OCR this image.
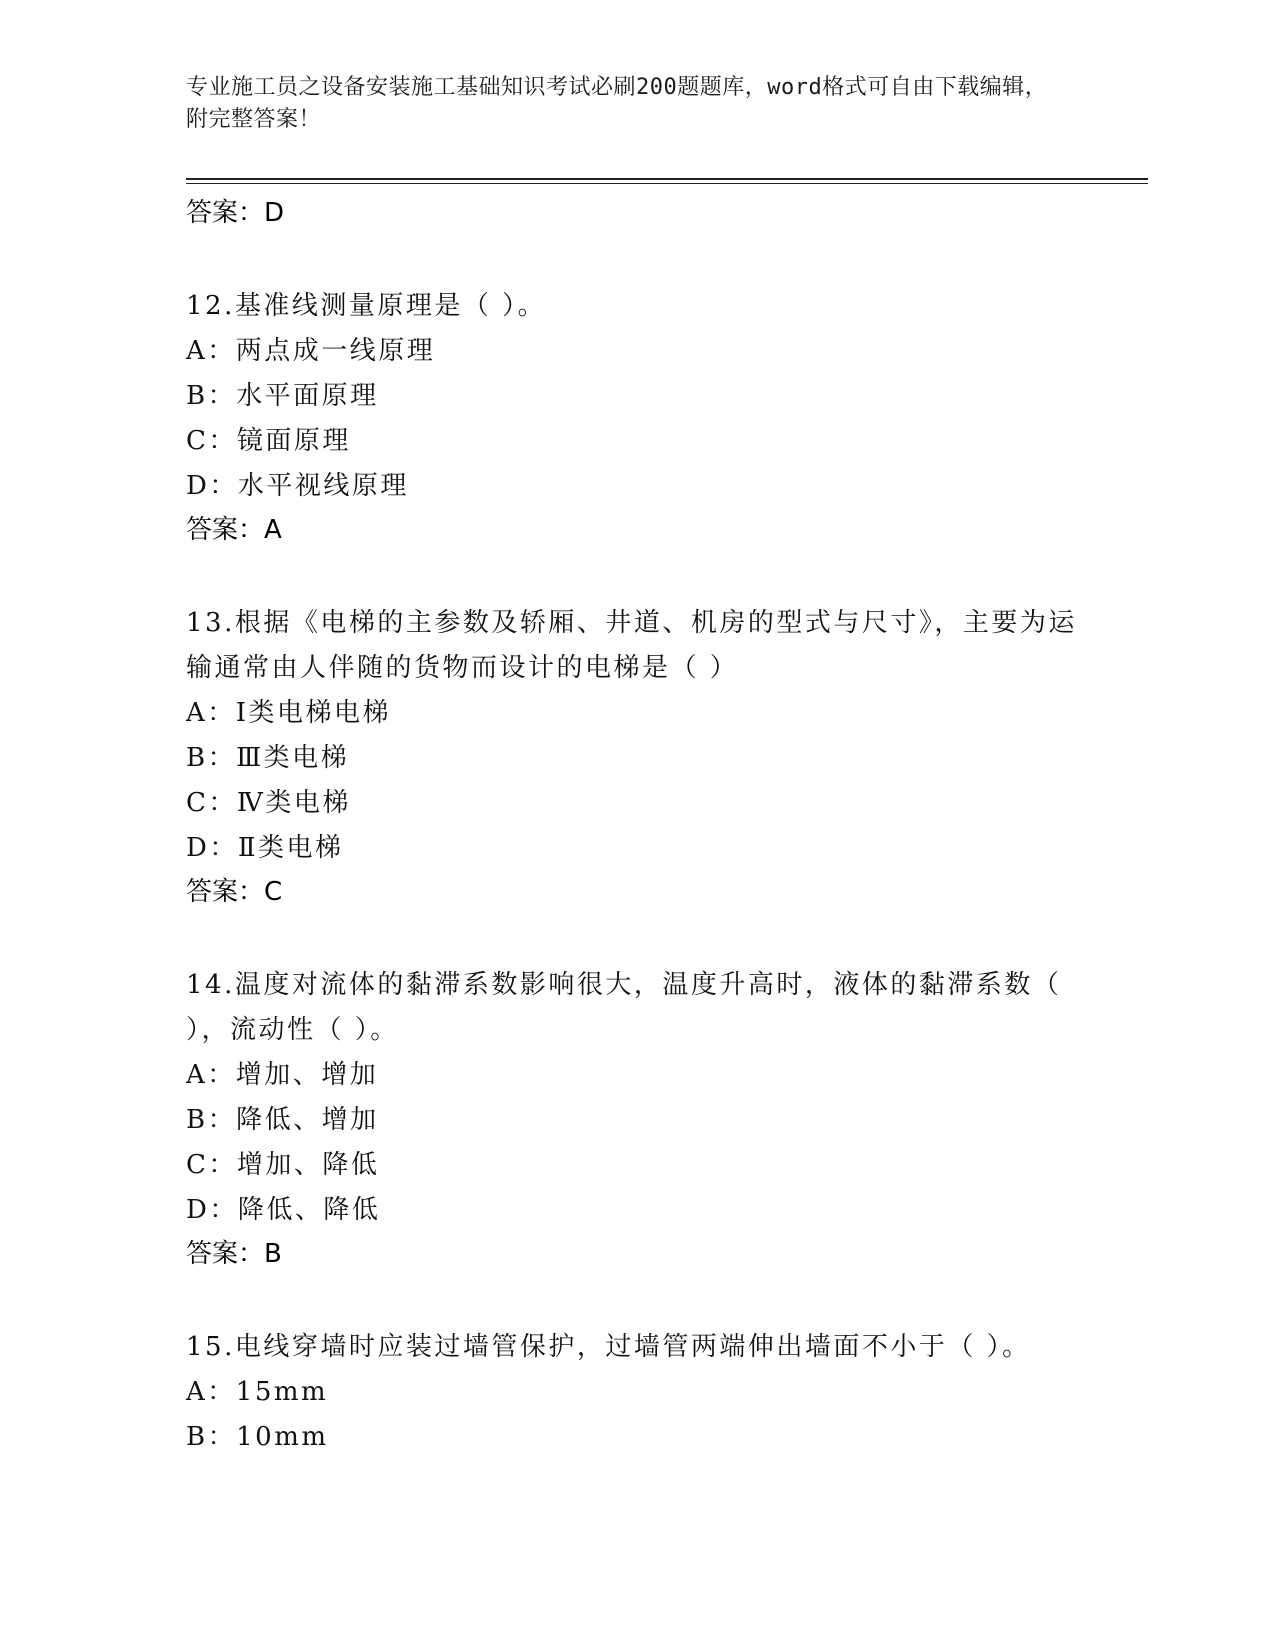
专业施工员之设备安装施工基础知识考试必刷200题题库，word格式可自由下载编辑，附完整答案！
答案：D
12.基准线测量原理是（ ）。
A：两点成一线原理
B：水平面原理
C：镜面原理
D：水平视线原理
答案：A
13.根据《电梯的主参数及轿厢、井道、机房的型式与尺寸》，主要为运输通常由人伴随的货物而设计的电梯是（ ）
A：Ⅰ类电梯电梯
B：Ⅲ类电梯
C：Ⅳ类电梯
D：Ⅱ类电梯
答案：C
14.温度对流体的黏滞系数影响很大，温度升高时，液体的黏滞系数（ ），流动性（ ）。
A：增加、增加
B：降低、增加
C：增加、降低
D：降低、降低
答案：B
15.电线穿墙时应装过墙管保护，过墙管两端伸出墙面不小于（ ）。
A：15mm
B：10mm
